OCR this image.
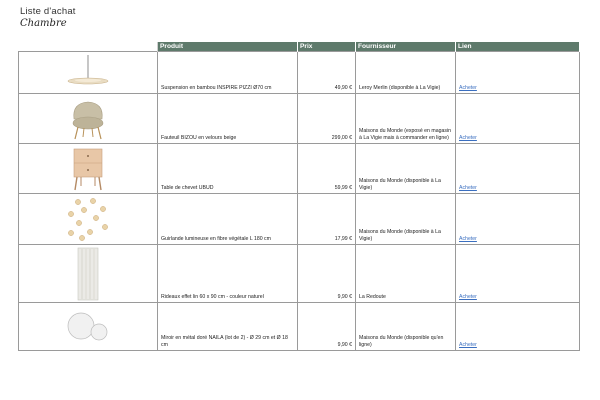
Liste d'achat
Chambre
	Produit	Prix	Fournisseur	Lien

	Suspension en bambou INSPIRE PIZZI Ø70 cm	49,90 €	Leroy Merlin (disponible à La Vigie)	Acheter

	Fauteuil BIZOU en velours beige	299,00 €	Maisons du Monde (exposé en magasin à La Vigie mais à commander en ligne)	Acheter

	Table de chevet UBUD	59,99 €	Maisons du Monde (disponible à La Vigie)	Acheter

	Guirlande lumineuse en fibre végétale L 180 cm	17,99 €	Maisons du Monde (disponible à La Vigie)	Acheter

	Rideaux effet lin 60 x 90 cm - couleur naturel	9,90 €	La Redoute	Acheter

	Miroir en métal doré NAILA (lot de 2) - Ø 29 cm et Ø 18 cm	9,90 €	Maisons du Monde (disponible qu'en ligne)	Acheter
